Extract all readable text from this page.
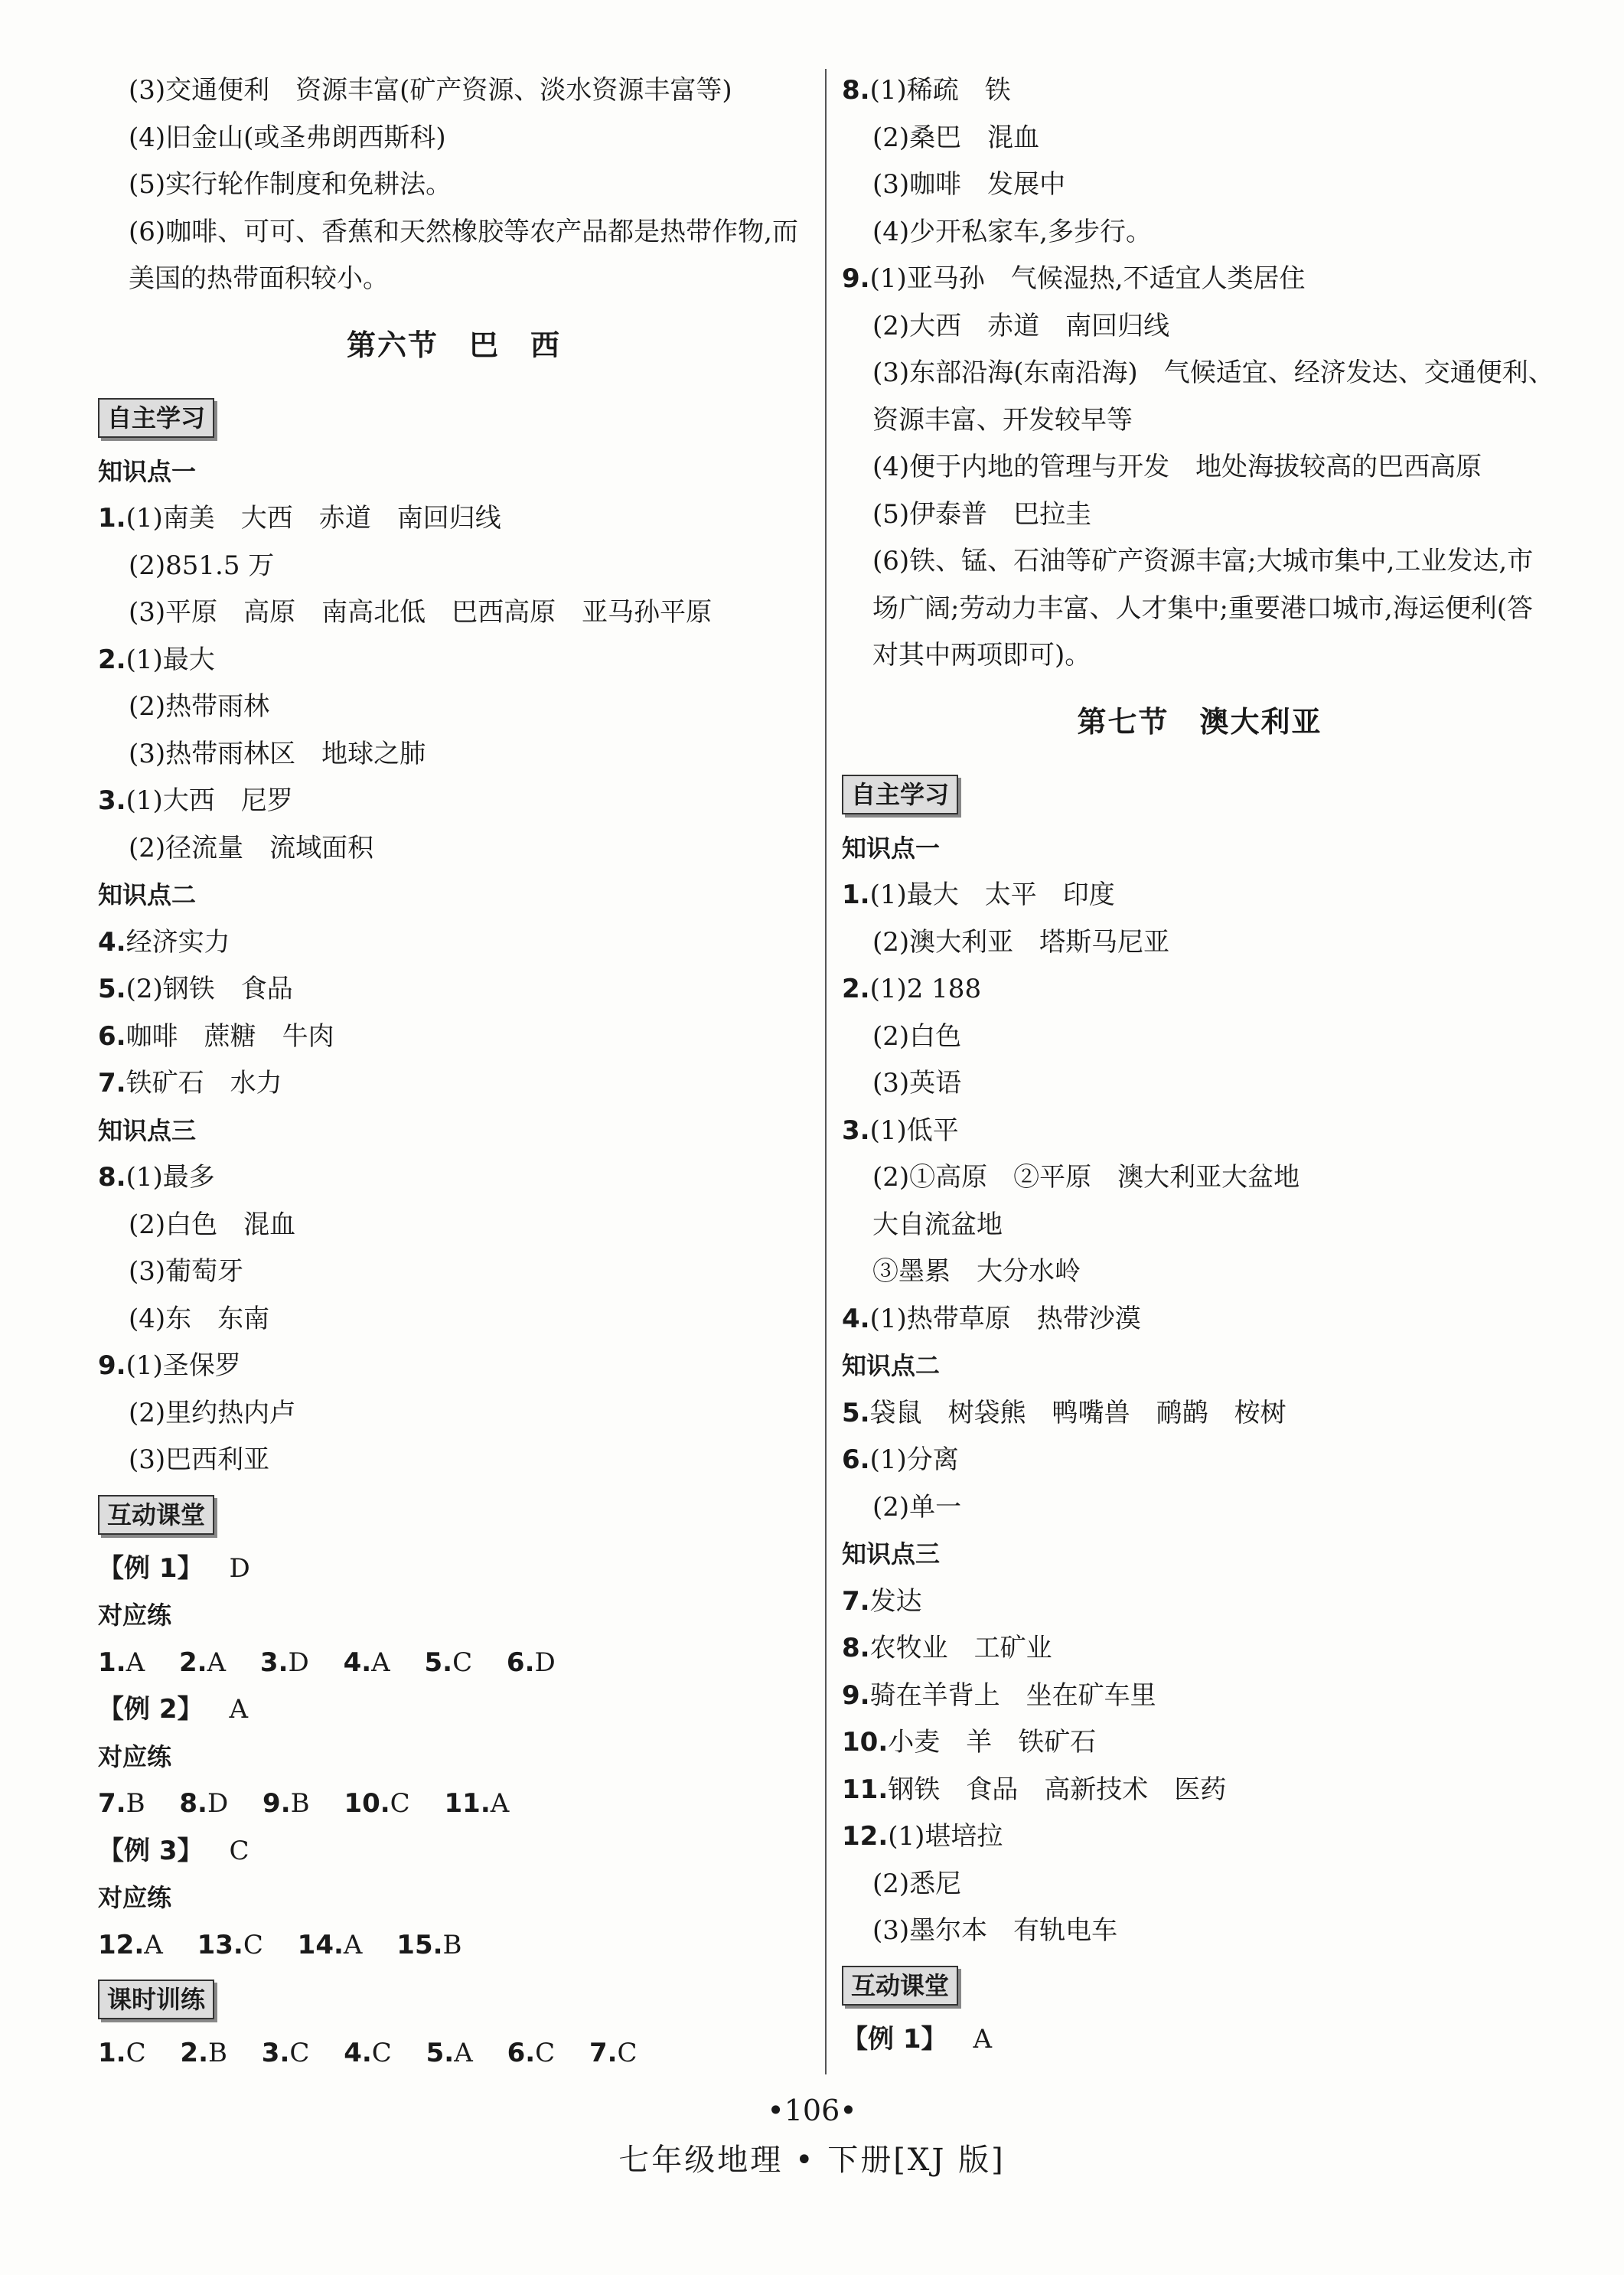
(3)交通便利　资源丰富(矿产资源、淡水资源丰富等)
(4)旧金山(或圣弗朗西斯科)
(5)实行轮作制度和免耕法。
(6)咖啡、可可、香蕉和天然橡胶等农产品都是热带作物,而美国的热带面积较小。
第六节　巴　西
自主学习
知识点一
1.(1)南美　大西　赤道　南回归线
(2)851.5 万
(3)平原　高原　南高北低　巴西高原　亚马孙平原
2.(1)最大
(2)热带雨林
(3)热带雨林区　地球之肺
3.(1)大西　尼罗
(2)径流量　流域面积
知识点二
4.经济实力
5.(2)钢铁　食品
6.咖啡　蔗糖　牛肉
7.铁矿石　水力
知识点三
8.(1)最多
(2)白色　混血
(3)葡萄牙
(4)东　东南
9.(1)圣保罗
(2)里约热内卢
(3)巴西利亚
互动课堂
【例 1】 D
对应练
1.A 2.A 3.D 4.A 5.C 6.D
【例 2】 A
对应练
7.B 8.D 9.B 10.C 11.A
【例 3】 C
对应练
12.A 13.C 14.A 15.B
课时训练
1.C 2.B 3.C 4.C 5.A 6.C 7.C
8.(1)稀疏　铁
(2)桑巴　混血
(3)咖啡　发展中
(4)少开私家车,多步行。
9.(1)亚马孙　气候湿热,不适宜人类居住
(2)大西　赤道　南回归线
(3)东部沿海(东南沿海)　气候适宜、经济发达、交通便利、资源丰富、开发较早等
(4)便于内地的管理与开发　地处海拔较高的巴西高原
(5)伊泰普　巴拉圭
(6)铁、锰、石油等矿产资源丰富;大城市集中,工业发达,市场广阔;劳动力丰富、人才集中;重要港口城市,海运便利(答对其中两项即可)。
第七节　澳大利亚
自主学习
知识点一
1.(1)最大　太平　印度
(2)澳大利亚　塔斯马尼亚
2.(1)2 188
(2)白色
(3)英语
3.(1)低平
(2)①高原　②平原　澳大利亚大盆地
大自流盆地
③墨累　大分水岭
4.(1)热带草原　热带沙漠
知识点二
5.袋鼠　树袋熊　鸭嘴兽　鸸鹋　桉树
6.(1)分离
(2)单一
知识点三
7.发达
8.农牧业　工矿业
9.骑在羊背上　坐在矿车里
10.小麦　羊　铁矿石
11.钢铁　食品　高新技术　医药
12.(1)堪培拉
(2)悉尼
(3)墨尔本　有轨电车
互动课堂
【例 1】 A
•106•
七年级地理 • 下册[XJ 版]
